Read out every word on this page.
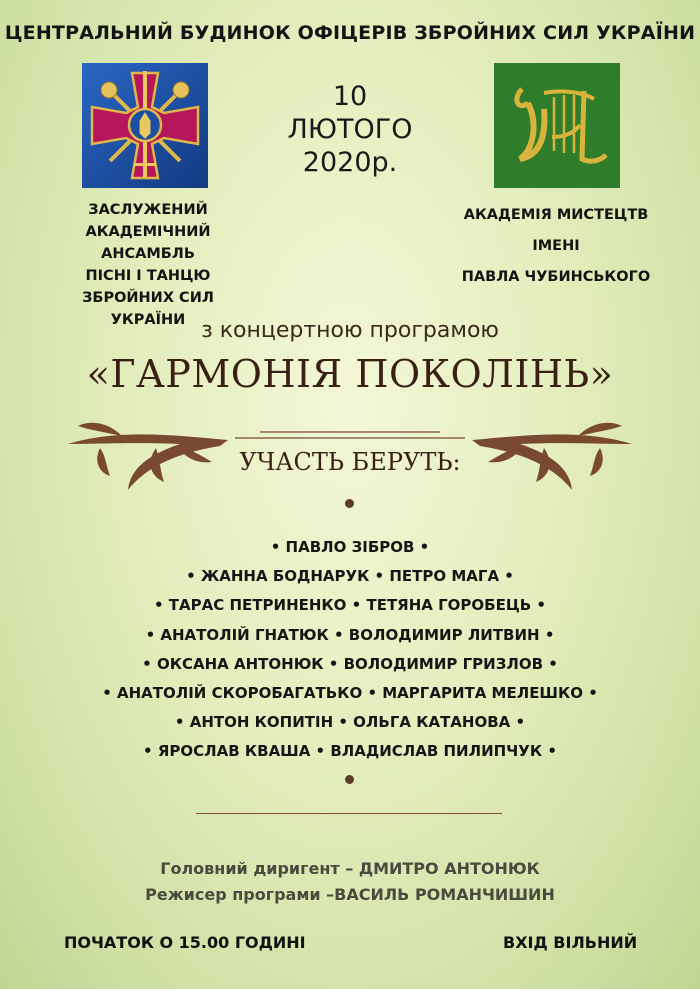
ЦЕНТРАЛЬНИЙ БУДИНОК ОФІЦЕРІВ ЗБРОЙНИХ СИЛ УКРАЇНИ
10
ЛЮТОГО
2020р.
ЗАСЛУЖЕНИЙ
АКАДЕМІЧНИЙ АНСАМБЛЬ
ПІСНІ І ТАНЦЮ
ЗБРОЙНИХ СИЛ УКРАЇНИ
АКАДЕМІЯ МИСТЕЦТВ
ІМЕНІ
ПАВЛА ЧУБИНСЬКОГО
з концертною програмою
«ГАРМОНІЯ ПОКОЛІНЬ»
УЧАСТЬ БЕРУТЬ:
• ПАВЛО ЗІБРОВ •
• ЖАННА БОДНАРУК • ПЕТРО МАГА •
• ТАРАС ПЕТРИНЕНКО • ТЕТЯНА ГОРОБЕЦЬ •
• АНАТОЛІЙ ГНАТЮК • ВОЛОДИМИР ЛИТВИН •
• ОКСАНА АНТОНЮК • ВОЛОДИМИР ГРИЗЛОВ •
• АНАТОЛІЙ СКОРОБАГАТЬКО • МАРГАРИТА МЕЛЕШКО •
• АНТОН КОПИТІН • ОЛЬГА КАТАНОВА •
• ЯРОСЛАВ КВАША • ВЛАДИСЛАВ ПИЛИПЧУК •
Головний диригент – ДМИТРО АНТОНЮК
Режисер програми –ВАСИЛЬ РОМАНЧИШИН
ПОЧАТОК О 15.00 ГОДИНІ	ВХІД ВІЛЬНИЙ
